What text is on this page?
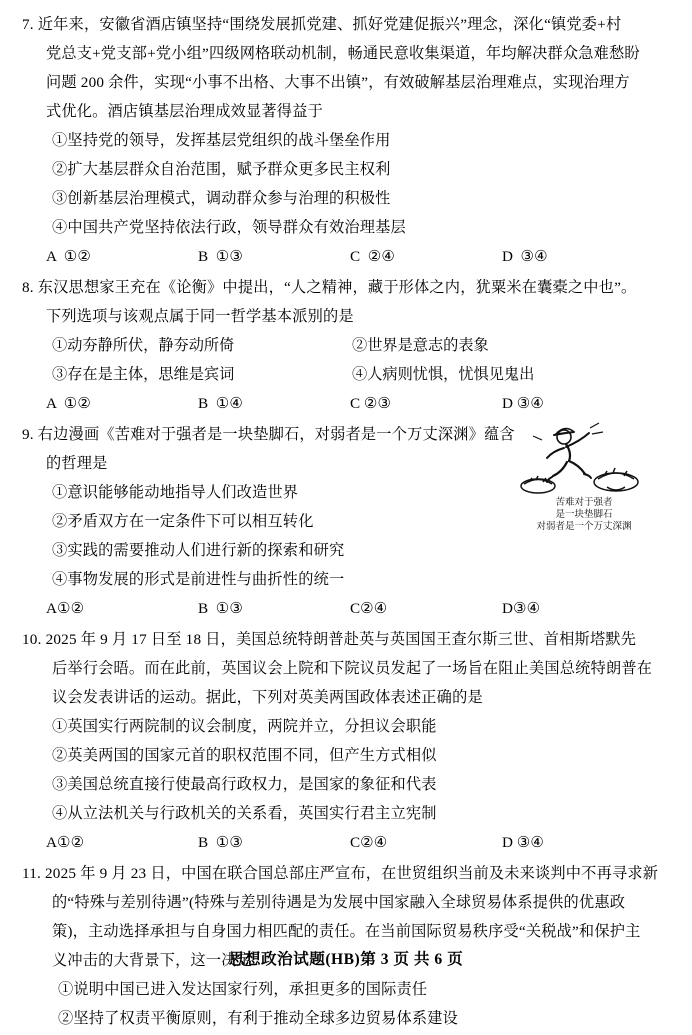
7. 近年来，安徽省酒店镇坚持“围绕发展抓党建、抓好党建促振兴”理念，深化“镇党委+村
党总支+党支部+党小组”四级网格联动机制，畅通民意收集渠道，年均解决群众急难愁盼
问题 200 余件，实现“小事不出格、大事不出镇”，有效破解基层治理难点，实现治理方
式优化。酒店镇基层治理成效显著得益于
①坚持党的领导，发挥基层党组织的战斗堡垒作用
②扩大基层群众自治范围，赋予群众更多民主权利
③创新基层治理模式，调动群众参与治理的积极性
④中国共产党坚持依法行政，领导群众有效治理基层
A  ①②	B  ①③	C  ②④	D  ③④
8. 东汉思想家王充在《论衡》中提出，“人之精神，藏于形体之内，犹粟米在囊橐之中也”。
下列选项与该观点属于同一哲学基本派别的是
①动夯静所伏，静夯动所倚	②世界是意志的表象
③存在是主体，思维是宾词	④人病则忧惧，忧惧见鬼出
A  ①②	B  ①④	C ②③	D ③④
9. 右边漫画《苦难对于强者是一块垫脚石，对弱者是一个万丈深渊》蕴含
的哲理是
①意识能够能动地指导人们改造世界
②矛盾双方在一定条件下可以相互转化
③实践的需要推动人们进行新的探索和研究
④事物发展的形式是前进性与曲折性的统一
A①②	B  ①③	C②④	D③④
苦难对于强者
是一块垫脚石
对弱者是一个万丈深渊
10. 2025 年 9 月 17 日至 18 日，美国总统特朗普赴英与英国国王查尔斯三世、首相斯塔默先
后举行会晤。而在此前，英国议会上院和下院议员发起了一场旨在阻止美国总统特朗普在
议会发表讲话的运动。据此，下列对英美两国政体表述正确的是
①英国实行两院制的议会制度，两院并立，分担议会职能
②英美两国的国家元首的职权范围不同，但产生方式相似
③美国总统直接行使最高行政权力，是国家的象征和代表
④从立法机关与行政机关的关系看，英国实行君主立宪制
A①②	B  ①③	C②④	D ③④
11. 2025 年 9 月 23 日，中国在联合国总部庄严宣布，在世贸组织当前及未来谈判中不再寻求新
的“特殊与差别待遇”(特殊与差别待遇是为发展中国家融入全球贸易体系提供的优惠政
策)，主动选择承担与自身国力相匹配的责任。在当前国际贸易秩序受“关税战”和保护主
义冲击的大背景下，这一决定
①说明中国已进入发达国家行列，承担更多的国际责任
②坚持了权责平衡原则，有利于推动全球多边贸易体系建设
思想政治试题(HB)第 3 页 共 6 页
